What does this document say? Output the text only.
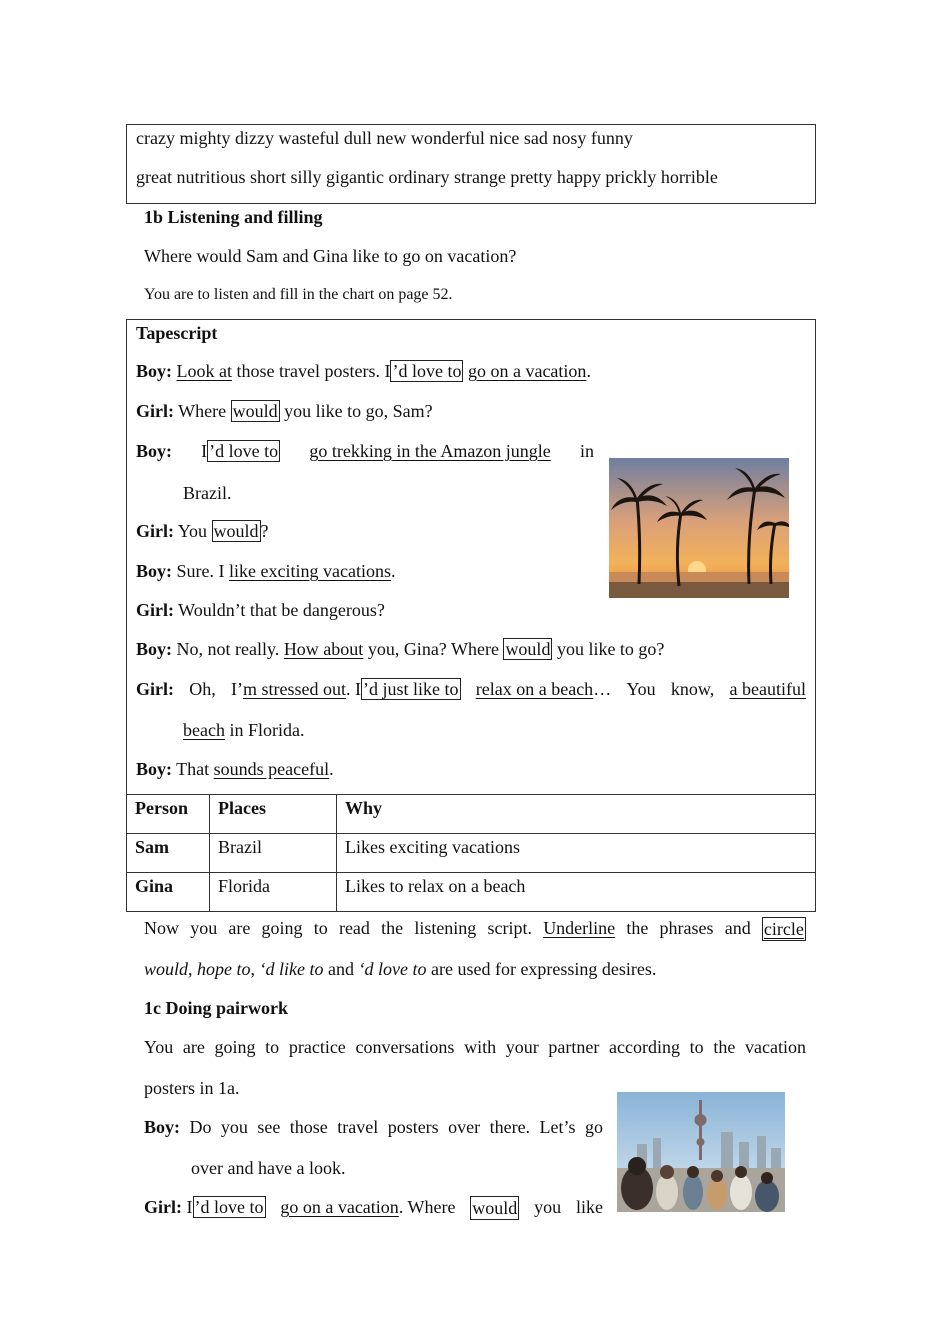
crazy mighty dizzy wasteful dull new wonderful nice sad nosy funny
great nutritious short silly gigantic ordinary strange pretty happy prickly horrible
1b Listening and filling
Where would Sam and Gina like to go on vacation?
You are to listen and fill in the chart on page 52.
Tapescript
Boy: Look at those travel posters. I ’d love to go on a vacation.
Girl: Where would you like to go, Sam?
Boy: I ’d love to go trekking in the Amazon jungle in
Brazil.
Girl: You would ?
Boy: Sure. I like exciting vacations.
Girl: Wouldn’t that be dangerous?
Boy: No, not really. How about you, Gina? Where would you like to go?
Girl: Oh, I’m stressed out. I ’d just like to relax on a beach… You know, a beautiful
beach in Florida.
Boy: That sounds peaceful.
Person	Places	Why
Sam	Brazil	Likes exciting vacations
Gina	Florida	Likes to relax on a beach
Now you are going to read the listening script. Underline the phrases and circle
would, hope to, ‘d like to and ‘d love to are used for expressing desires.
1c Doing pairwork
You are going to practice conversations with your partner according to the vacation
posters in 1a.
Boy: Do you see those travel posters over there. Let’s go
over and have a look.
Girl: I ’d love to go on a vacation. Where would you like
